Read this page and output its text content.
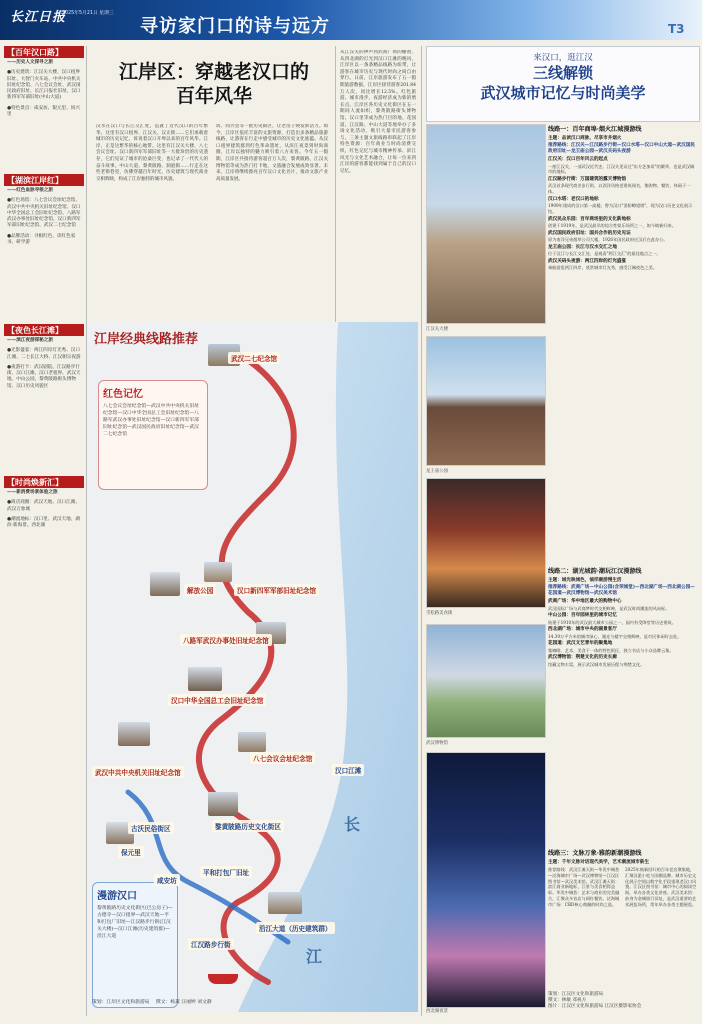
长江日报
2025年5月21日 星期三
寻访家门口的诗与远方	T3
【百年汉口路】
——历史人文探寻之旅
●历史建筑：江汉关大楼、汉口租界旧址、大智门火车站、中共中央机关旧址纪念馆、八七会议会址、武汉国民政府旧址、长江日报社旧址、汉口新四军军部旧址(中山大道)
●特色景点：咸安坊、银元里、同兴里
【湖滨江岸红】
——红色血脉寻根之旅
●红色场馆：八七会议会址纪念馆、武汉中共中央机关旧址纪念馆、汉口中华全国总工会旧址纪念馆、八路军武汉办事处旧址纪念馆、汉口新四军军部旧址纪念馆、武汉二七纪念馆
●品牌活动：寻根红色、读红色家书、研学游
【夜色长江滩】
——滨江夜游探秘之旅
●光影盛宴：两江四岸灯光秀、汉口江滩、二七长江大桥、江汉朝宗夜游
●夜游打卡：武汉剧院、江汉路步行街、汉口江滩、汉口老租界、武汉天地、中山公园、黎黄陂路街头博物馆、汉口历史风貌区
【时尚焕新汇】
——新消费场景体验之旅
●商店商圈：武汉天地、汉口江滩、武汉万象城
●潮流地标：汉口里、武汉天地、湖滨·新海景、西北湖
江岸区：穿越老汉口的
百年风华
汉水在汉口与长江交汇处，造就了近代汉口的百年繁华。这里有汉口租界、江汉关、汉正街……它们承载着城市的历史记忆，诉说着汉口开埠以来的百年风华。江岸，正是这繁华的核心地带。这里有江汉关大楼、八七会议会址、汉口新四军军部旧址等一大批珍贵的历史遗存，它们见证了城市的沧桑巨变，也记录了一代代人的奋斗故事。中山大道、黎黄陂路、洞庭街……行走在这些老街巷里，仿佛穿越百年时光。历史建筑与现代商业交相辉映，构成了江岸独特的城市风貌。
坊、同兴里等一批历史街区，让老房子焕发新活力。如今，江岸区依托丰富的文旅资源，打造出多条精品旅游线路，让游客在行走中感受城市的历史文化底蕴。从汉口租界建筑群到红色革命遗址，从滨江夜景到时尚商圈，江岸以独特的魅力吸引着八方来客。今年五一假期，江岸区共接待游客超百万人次，黎黄陂路、江汉关博物馆等成为热门打卡地，文旅融合发展成效显著。未来，江岸将继续擦亮百年汉口文化名片，推动文旅产业高质量发展。
从江汉关的钟声到武商广场的橱窗，从四北湖的灯光到汉口江滩的晚风，江岸区以一条条精品线路为纽带，让游客在城市历史与现代时尚之间自由穿行。日前，江岸旅游发布了五一假期旅游数据，江岸区接待游客201.84万人次，同比增长12.5%。红色旅游、城市漫步、夜游经济成为新的增长点。江岸区各历史文化街区在五一期间人流如织，黎黄陂路街头博物馆、汉口里等成为热门目的地。花园道、江汉路、中山大道等地举办了多场文化活动，吸引大量市民游客参与。三条主题文旅线路串联起了江岸特色资源：百年商业与时尚消费交织、红色记忆与城市精神传承、滨江风光与文化艺术融合，让每一位来到江岸的游客都能找到属于自己的汉口记忆。
江岸经典线路推荐
红色记忆
八七会议会址纪念馆—武汉中共中央机关旧址纪念馆—汉口中华全国总工会旧址纪念馆—八路军武汉办事处旧址纪念馆—汉口新四军军部旧址纪念馆—武汉国民政府旧址纪念馆—武汉二七纪念馆
漫游汉口
黎黄陂路历史文化街区(巴公房子)—古德寺—汉口租界—武汉天地—平和打包厂旧址—江汉路步行街(江汉关大楼)—汉口江滩(历史建筑群)—沿江大道
武汉二七纪念馆
解放公园	汉口新四军军部旧址纪念馆
八路军武汉办事处旧址纪念馆
汉口中华全国总工会旧址纪念馆
八七会议会址纪念馆
武汉中共中央机关旧址纪念馆	汉口江滩
古沃民俗街区	黎黄陂路历史文化街区
保元里
咸安坊
平和打包厂旧址
沿江大道（历史建筑群）
江汉路步行街
长
江
策划：江岸区文化和旅游局　 撰文：杨蓠 汪丽婷 刘文静
来汉口，逛江汉
三线解锁
武汉城市记忆与时尚美学
江汉关大楼
龙王庙公园
雪松路美食街
武汉博物馆
西北湖夜景
线路一：百年商埠·烟火江城漫游线
主题：品读汉口商脉，尽享市井烟火
推荐路线：江汉关—江汉路步行街—汉口水塔—汉口中山大道—武汉国民政府旧址—龙王庙公园—武汉关码头夜游
江汉关：汉口百年风云的起点
一座江汉关，一部武汉近代史。江汉关见证过"东方芝加哥"的繁华，也是武汉城市的地标。
江汉路步行街：万国建筑的露天博物馆
武汉首条现代商业步行街，以西洋风格老建筑闻名，集购物、餐饮、休闲于一体。
汉口水塔：老汉口的地标
1909年建成的汉口第一高楼，曾为汉口"消防瞭望塔"，现为汉口历史文化展示馆。
武汉民众乐园：百年商场里的文化新地标
创建于1919年，是武汉最早的综合性娱乐场所之一，如今焕新归来。
武汉国民政府旧址：国共合作的历史见证
原为南洋兄弟烟草公司大楼，1926年国民政府迁汉后在此办公。
龙王庙公园：长江与汉水交汇之地
位于汉江与长江交汇处，是观看"两江交汇"的最佳地点之一。
武汉关码头夜游：两江四岸的灯光盛宴
乘船游览两江四岸，欣赏城市灯光秀，感受江城夜色之美。
线路二：湖光城韵·潮玩江汉漫游线
主题：城光映城色，徜徉潮游慢生活
推荐路线：武商广场—中山公园(含荣城堂)—西北湖广场—西北湖公园—花园道—武汉博物馆—武汉美术馆
武商广场：华中地区最大的购物中心
武汉国际广场与武商梦时代交相辉映，是武汉时尚潮流的风向标。
中山公园：百年园林里的城市记忆
始建于1910年的武汉最大城市公园之一，园内有受降堂等历史建筑。
西北湖广场：城市中央的湖景客厅
14.39万平方米的城市绿心，湖光与楼宇交相辉映，是市民休闲好去处。
花园道：武汉文艺青年的聚集地
集咖啡、艺术、美食于一体的特色街区，独立书店与小众品牌云集。
武汉博物馆：荆楚文化的历史长廊
馆藏文物丰富，展示武汉城市发展历程与荆楚文化。
线路三：文脉万象·雅韵新潮漫游线
主题：千年文脉对话现代美学，艺术潮流城市新生
推荐路线：武汉江滩天街—华发中城荟—泛海城市广场—武汉博物馆—江汉区图书馆—武汉美术馆。武汉江滩天街：滨江商业新地标，江景与美食相得益彰。华发中城荟：艺术与商业的完美融合，汇聚众多首店与网红餐饮。泛海城市广场：CBD核心商圈的时尚之选。
2025年焕新回归的百年老店聚集地，汇聚汉派小吃与国潮品牌。城市历史文化展示空间以数字化手段重现老汉口风貌。江汉区图书馆：城市中心的阅读空间，举办各类文化讲座。武汉美术馆：前身为金城银行旧址，是武汉重要的艺术展览场所，常年举办各类主题展览。
策划：江汉区文化和旅游局
撰文：林敏 邓祝方
图片：江汉区文化和旅游局 江汉区摄影家协会
